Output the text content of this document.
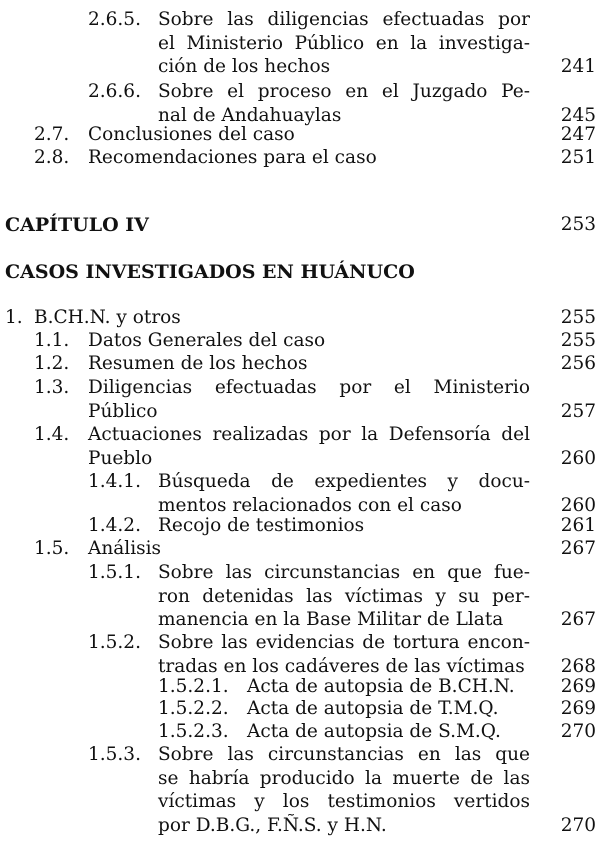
2.6.5. Sobre las diligencias efectuadas por
el Ministerio Público en la investiga-
ción de los hechos	241
2.6.6. Sobre el proceso en el Juzgado Pe-
nal de Andahuaylas	245
2.7.	Conclusiones del caso	247
2.8.	Recomendaciones para el caso	251
CAPÍTULO IV	253
CASOS INVESTIGADOS EN HUÁNUCO
1. B.CH.N. y otros	255
1.1.	Datos Generales del caso	255
1.2.	Resumen de los hechos	256
1.3.	Diligencias efectuadas por el Ministerio
Público	257
1.4.	Actuaciones realizadas por la Defensoría del
Pueblo	260
1.4.1. Búsqueda de expedientes y docu-
mentos relacionados con el caso	260
1.4.2. Recojo de testimonios	261
1.5.	Análisis	267
1.5.1. Sobre las circunstancias en que fue-
ron detenidas las víctimas y su per-
manencia en la Base Militar de Llata	267
1.5.2. Sobre las evidencias de tortura encon-
tradas en los cadáveres de las víctimas 268
1.5.2.1. Acta de autopsia de B.CH.N.	269
1.5.2.2. Acta de autopsia de T.M.Q.	269
1.5.2.3. Acta de autopsia de S.M.Q.	270
1.5.3. Sobre las circunstancias en las que
se habría producido la muerte de las
víctimas y los testimonios vertidos
por D.B.G., F.Ñ.S. y H.N.	270
